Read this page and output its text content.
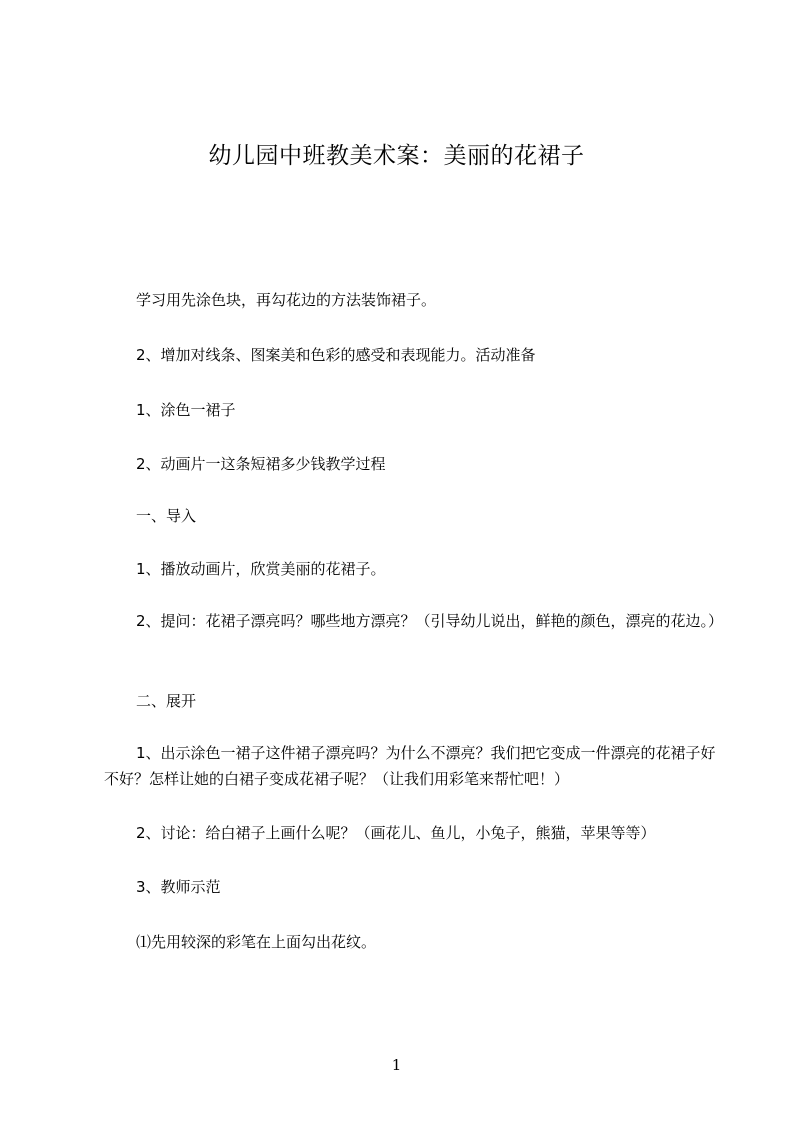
幼儿园中班教美术案：美丽的花裙子
学习用先涂色块，再勾花边的方法装饰裙子。
2、增加对线条、图案美和色彩的感受和表现能力。活动准备
1、涂色一裙子
2、动画片一这条短裙多少钱教学过程
一、导入
1、播放动画片，欣赏美丽的花裙子。
2、提问：花裙子漂亮吗？哪些地方漂亮？（引导幼儿说出，鲜艳的颜色，漂亮的花边。）
二、展开
1、出示涂色一裙子这件裙子漂亮吗？为什么不漂亮？我们把它变成一件漂亮的花裙子好不好？怎样让她的白裙子变成花裙子呢？（让我们用彩笔来帮忙吧！）
2、讨论：给白裙子上画什么呢？（画花儿、鱼儿，小兔子，熊猫，苹果等等）
3、教师示范
⑴先用较深的彩笔在上面勾出花纹。
1
